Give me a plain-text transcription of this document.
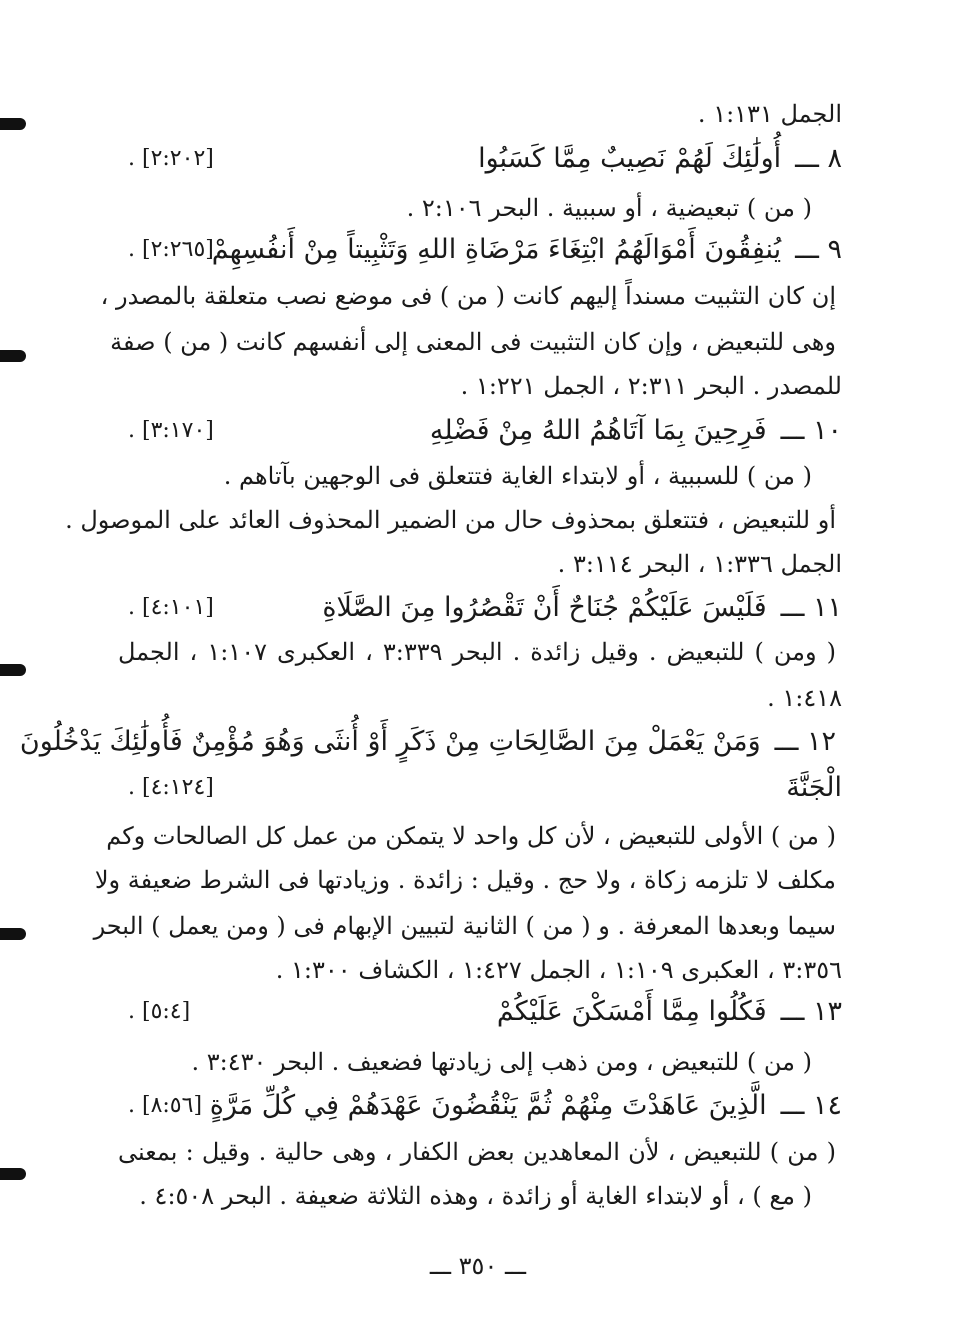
الجمل ١:١٣١ .
٨ ـــأُولَٰئِكَ لَهُمْ نَصِيبٌ مِمَّا كَسَبُوا
[٢:٢٠٢] .
( من ) تبعيضية ، أو سببية . البحر ٢:١٠٦ .
٩ ـــيُنفِقُونَ أَمْوَالَهُمُ ابْتِغَاءَ مَرْضَاةِ اللهِ وَتَثْبِيتاً مِنْ أَنفُسِهِمْ
[٢:٢٦٥] .
إن كان التثبيت مسنداً إليهم كانت ( من ) فى موضع نصب متعلقة بالمصدر ،
وهى للتبعيض ، وإن كان التثبيت فى المعنى إلى أنفسهم كانت ( من ) صفة
للمصدر . البحر ٢:٣١١ ، الجمل ١:٢٢١ .
١٠ ـــفَرِحِينَ بِمَا آتَاهُمُ اللهُ مِنْ فَضْلِهِ
[٣:١٧٠] .
( من ) للسببية ، أو لابتداء الغاية فتتعلق فى الوجهين بآتاهم .
أو للتبعيض ، فتتعلق بمحذوف حال من الضمير المحذوف العائد على الموصول .
الجمل ١:٣٣٦ ، البحر ٣:١١٤ .
١١ ـــفَلَيْسَ عَلَيْكُمْ جُنَاحٌ أَنْ تَقْصُرُوا مِنَ الصَّلَاةِ
[٤:١٠١] .
( ومن ) للتبعيض . وقيل زائدة . البحر ٣:٣٣٩ ، العكبرى ١:١٠٧ ، الجمل
١:٤١٨ .
١٢ ـــوَمَنْ يَعْمَلْ مِنَ الصَّالِحَاتِ مِنْ ذَكَرٍ أَوْ أُنثَى وَهُوَ مُؤْمِنٌ فَأُولَٰئِكَ يَدْخُلُونَ
الْجَنَّةَ
[٤:١٢٤] .
( من ) الأولى للتبعيض ، لأن كل واحد لا يتمكن من عمل كل الصالحات وكم
مكلف لا تلزمه زكاة ، ولا حج . وقيل : زائدة . وزيادتها فى الشرط ضعيفة ولا
سيما وبعدها المعرفة . و ( من ) الثانية لتبيين الإبهام فى ( ومن يعمل ) البحر
٣:٣٥٦ ، العكبرى ١:١٠٩ ، الجمل ١:٤٢٧ ، الكشاف ١:٣٠٠ .
١٣ ـــفَكُلُوا مِمَّا أَمْسَكْنَ عَلَيْكُمْ
[٥:٤] .
( من ) للتبعيض ، ومن ذهب إلى زيادتها فضعيف . البحر ٣:٤٣٠ .
١٤ ـــالَّذِينَ عَاهَدْتَ مِنْهُمْ ثُمَّ يَنْقُضُونَ عَهْدَهُمْ فِي كُلِّ مَرَّةٍ
[٨:٥٦] .
( من ) للتبعيض ، لأن المعاهدين بعض الكفار ، وهى حالية . وقيل : بمعنى
( مع ) ، أو لابتداء الغاية أو زائدة ، وهذه الثلاثة ضعيفة . البحر ٤:٥٠٨ .
ـــ ٣٥٠ ـــ
